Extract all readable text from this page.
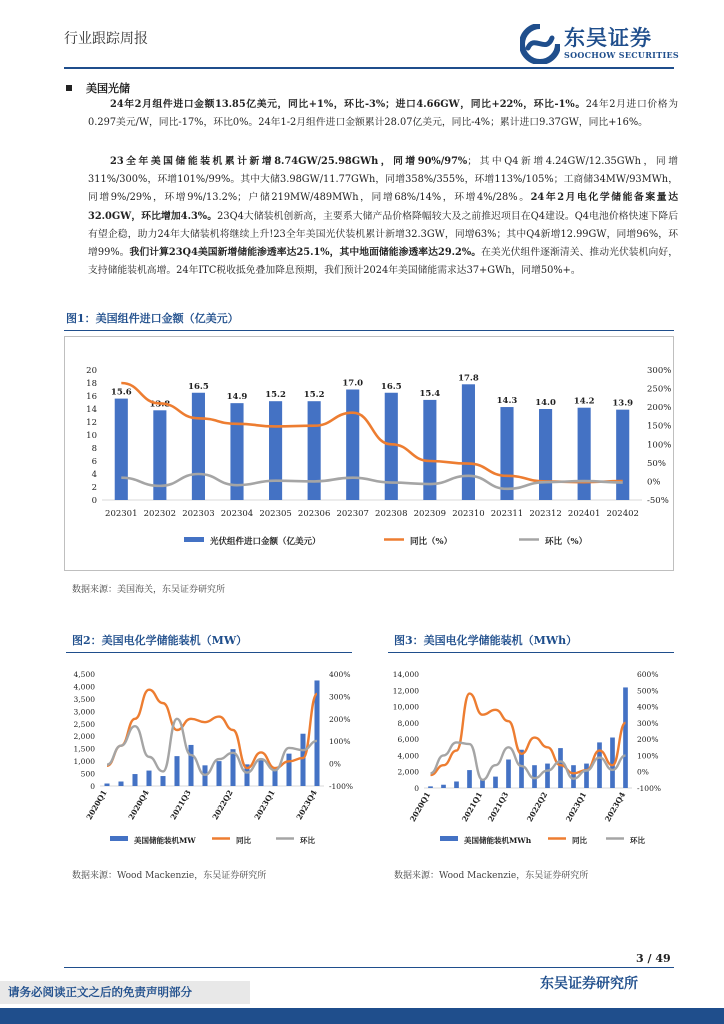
行业跟踪周报	东吴证券
SOOCHOW SECURITIES
美国光储
24年2月组件进口金额13.85亿美元，同比+1%，环比-3%；进口4.66GW，同比+22%，环比-1%。24年2月进口价格为0.297美元/W，同比-17%，环比0%。24年1-2月组件进口金额累计28.07亿美元，同比-4%；累计进口9.37GW，同比+16%。
23全年美国储能装机累计新增8.74GW/25.98GWh，同增90%/97%；其中Q4新增4.24GW/12.35GWh，同增311%/300%，环增101%/99%。其中大储3.98GW/11.77GWh，同增358%/355%，环增113%/105%；工商储34MW/93MWh，同增9%/29%，环增9%/13.2%；户储219MW/489MWh，同增68%/14%，环增4%/28%。24年2月电化学储能备案量达32.0GW，环比增加4.3%。23Q4大储装机创新高，主要系大储产品价格降幅较大及之前推迟项目在Q4建设。Q4电池价格快速下降后有望企稳，助力24年大储装机将继续上升!23全年美国光伏装机累计新增32.3GW，同增63%；其中Q4新增12.99GW，同增96%，环增99%。我们计算23Q4美国新增储能渗透率达25.1%，其中地面储能渗透率达29.2%。在美光伏组件逐渐清关、推动光伏装机向好，支持储能装机高增。24年ITC税收抵免叠加降息预期，我们预计2024年美国储能需求达37+GWh，同增50%+。
图1：美国组件进口金额（亿美元）
0
2
4
6
8
10
12
14
16
18
20
-50%
0%
50%
100%
150%
200%
250%
300%
15.6
13.8
16.5
14.9 15.2 15.2
17.0 16.5
15.4
17.8
14.3 14.0 14.2 13.9
202301 202302 202303 202304 202305 202306 202307 202308 202309 202310 202311 202312 202401 202402
光伏组件进口金额（亿美元）	同比（%）	环比（%）
数据来源：美国海关，东吴证券研究所
图2：美国电化学储能装机（MW）
0
500
1,000
1,500
2,000
2,500
3,000
3,500
4,000
4,500
-100%
0%
100%
200%
300%
400%
2020Q1 2020Q4 2021Q3 2022Q2 2023Q1 2023Q4
美国储能装机MW	同比	环比
数据来源：Wood Mackenzie，东吴证券研究所
图3：美国电化学储能装机（MWh）
0
2,000
4,000
6,000
8,000
10,000
12,000
14,000
-100%
0%
100%
200%
300%
400%
500%
600%
2020Q1	2021Q1 2021Q3 2022Q2 2023Q1 2023Q4
美国储能装机MWh	同比	环比
数据来源：Wood Mackenzie，东吴证券研究所
3 / 49
东吴证券研究所
请务必阅读正文之后的免责声明部分
